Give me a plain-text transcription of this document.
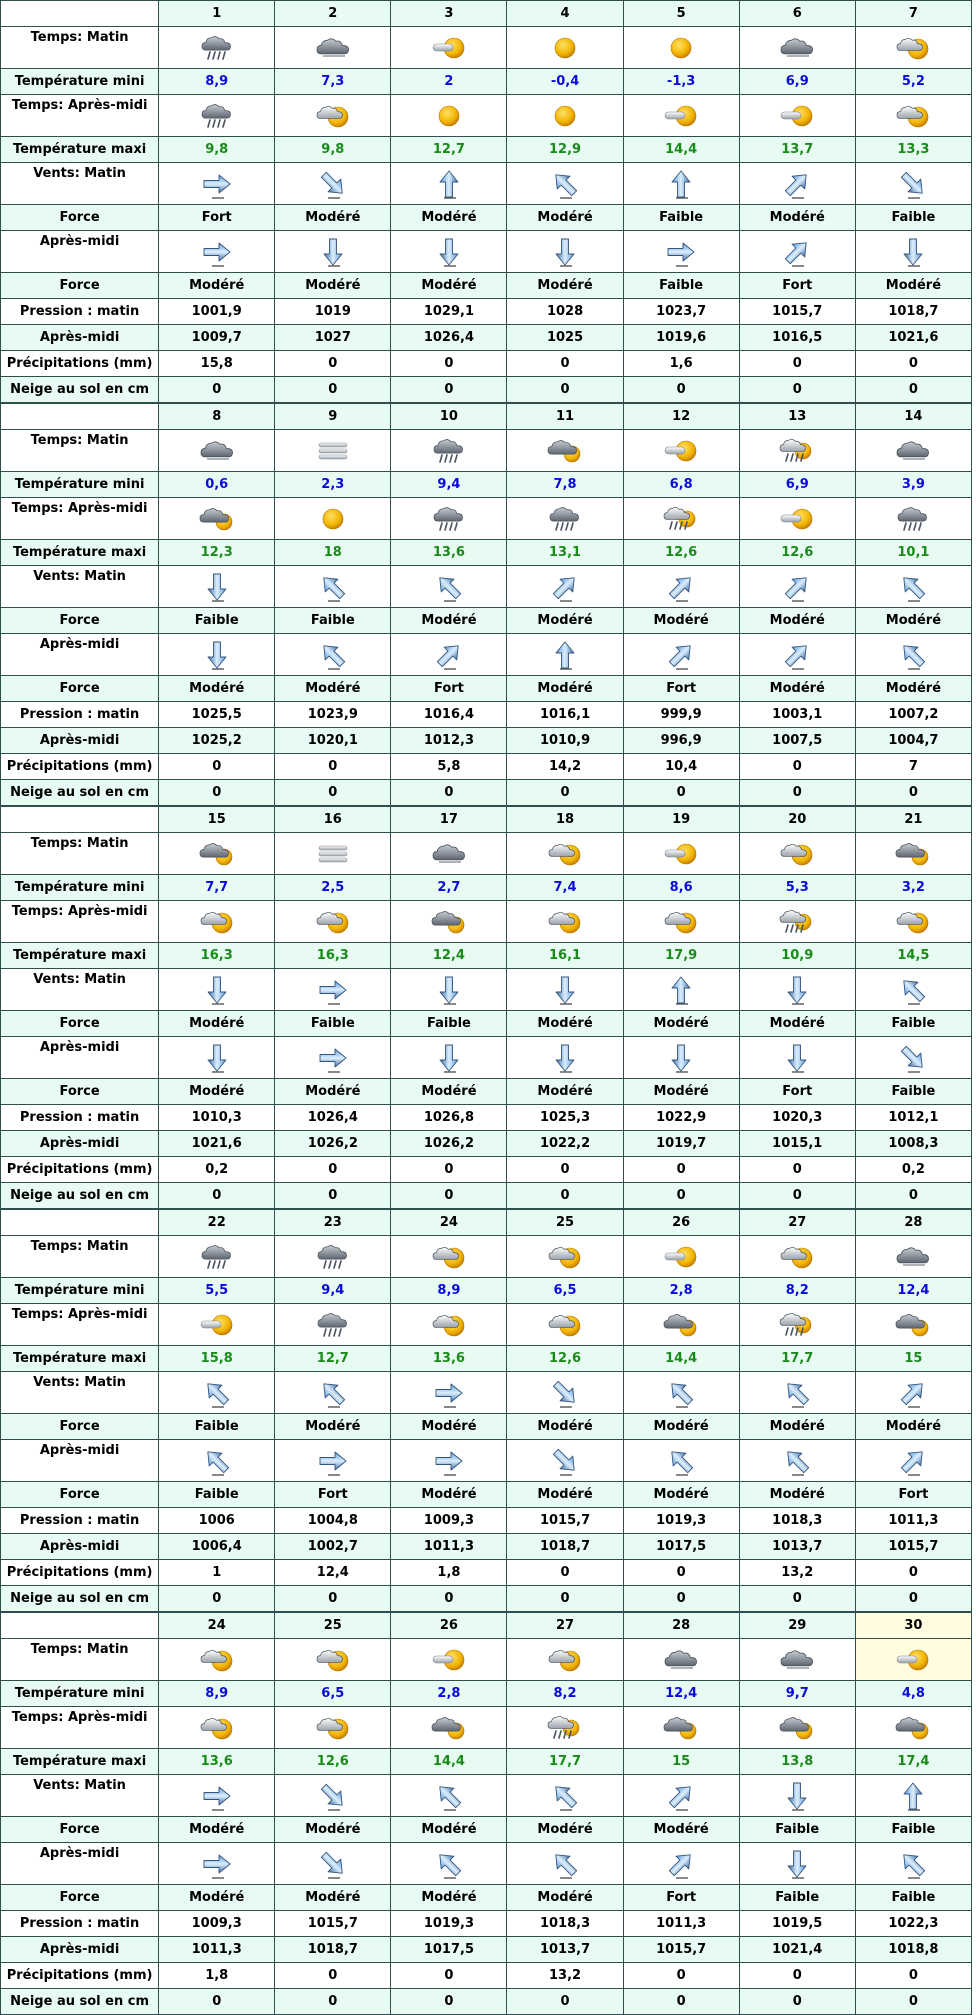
	1	2	3	4	5	6	7
Temps: Matin	

Température mini	8,9	7,3	2	-0,4	-1,3	6,9	5,2
Temps: Après-midi	

Température maxi	9,8	9,8	12,7	12,9	14,4	13,7	13,3
Vents: Matin	

Force	Fort	Modéré	Modéré	Modéré	Faible	Modéré	Faible
Après-midi	

Force	Modéré	Modéré	Modéré	Modéré	Faible	Fort	Modéré
Pression : matin	1001,9	1019	1029,1	1028	1023,7	1015,7	1018,7
Après-midi	1009,7	1027	1026,4	1025	1019,6	1016,5	1021,6
Précipitations (mm)	15,8	0	0	0	1,6	0	0
Neige au sol en cm	0	0	0	0	0	0	0
	8	9	10	11	12	13	14
Temps: Matin	

Température mini	0,6	2,3	9,4	7,8	6,8	6,9	3,9
Temps: Après-midi	

Température maxi	12,3	18	13,6	13,1	12,6	12,6	10,1
Vents: Matin	

Force	Faible	Faible	Modéré	Modéré	Modéré	Modéré	Modéré
Après-midi	

Force	Modéré	Modéré	Fort	Modéré	Fort	Modéré	Modéré
Pression : matin	1025,5	1023,9	1016,4	1016,1	999,9	1003,1	1007,2
Après-midi	1025,2	1020,1	1012,3	1010,9	996,9	1007,5	1004,7
Précipitations (mm)	0	0	5,8	14,2	10,4	0	7
Neige au sol en cm	0	0	0	0	0	0	0
	15	16	17	18	19	20	21
Temps: Matin	

Température mini	7,7	2,5	2,7	7,4	8,6	5,3	3,2
Temps: Après-midi	

Température maxi	16,3	16,3	12,4	16,1	17,9	10,9	14,5
Vents: Matin	

Force	Modéré	Faible	Faible	Modéré	Modéré	Modéré	Faible
Après-midi	

Force	Modéré	Modéré	Modéré	Modéré	Modéré	Fort	Faible
Pression : matin	1010,3	1026,4	1026,8	1025,3	1022,9	1020,3	1012,1
Après-midi	1021,6	1026,2	1026,2	1022,2	1019,7	1015,1	1008,3
Précipitations (mm)	0,2	0	0	0	0	0	0,2
Neige au sol en cm	0	0	0	0	0	0	0
	22	23	24	25	26	27	28
Temps: Matin	

Température mini	5,5	9,4	8,9	6,5	2,8	8,2	12,4
Temps: Après-midi	

Température maxi	15,8	12,7	13,6	12,6	14,4	17,7	15
Vents: Matin	

Force	Faible	Modéré	Modéré	Modéré	Modéré	Modéré	Modéré
Après-midi	

Force	Faible	Fort	Modéré	Modéré	Modéré	Modéré	Fort
Pression : matin	1006	1004,8	1009,3	1015,7	1019,3	1018,3	1011,3
Après-midi	1006,4	1002,7	1011,3	1018,7	1017,5	1013,7	1015,7
Précipitations (mm)	1	12,4	1,8	0	0	13,2	0
Neige au sol en cm	0	0	0	0	0	0	0
	24	25	26	27	28	29	30
Temps: Matin	

Température mini	8,9	6,5	2,8	8,2	12,4	9,7	4,8
Temps: Après-midi	

Température maxi	13,6	12,6	14,4	17,7	15	13,8	17,4
Vents: Matin	

Force	Modéré	Modéré	Modéré	Modéré	Modéré	Faible	Faible
Après-midi	

Force	Modéré	Modéré	Modéré	Modéré	Fort	Faible	Faible
Pression : matin	1009,3	1015,7	1019,3	1018,3	1011,3	1019,5	1022,3
Après-midi	1011,3	1018,7	1017,5	1013,7	1015,7	1021,4	1018,8
Précipitations (mm)	1,8	0	0	13,2	0	0	0
Neige au sol en cm	0	0	0	0	0	0	0
